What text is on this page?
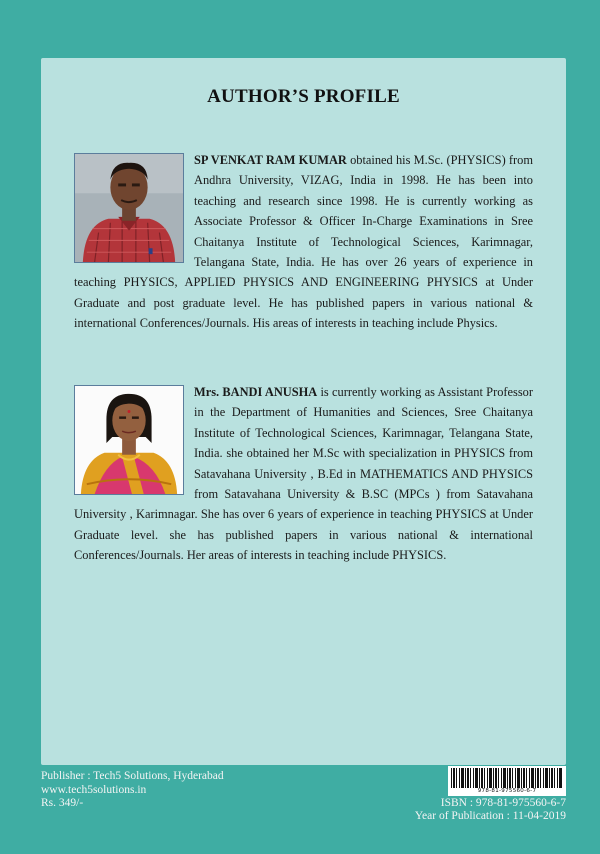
AUTHOR’S PROFILE
SP VENKAT RAM KUMAR obtained his M.Sc. (PHYSICS) from Andhra University, VIZAG, India in 1998. He has been into teaching and research since 1998. He is currently working as Associate Professor & Officer In-Charge Examinations in Sree Chaitanya Institute of Technological Sciences, Karimnagar, Telangana State, India. He has over 26 years of experience in teaching PHYSICS, APPLIED PHYSICS AND ENGINEERING PHYSICS at Under Graduate and post graduate level. He has published papers in various national & international Conferences/Journals. His areas of interests in teaching include Physics.
Mrs. BANDI ANUSHA is currently working as Assistant Professor in the Department of Humanities and Sciences, Sree Chaitanya Institute of Technological Sciences, Karimnagar, Telangana State, India. she obtained her M.Sc with specialization in PHYSICS from Satavahana University , B.Ed in MATHEMATICS AND PHYSICS from Satavahana University & B.SC (MPCs ) from Satavahana University , Karimnagar. She has over 6 years of experience in teaching PHYSICS at Under Graduate level. she has published papers in various national & international Conferences/Journals. Her areas of interests in teaching include PHYSICS.
Publisher : Tech5 Solutions, Hyderabad
www.tech5solutions.in
Rs. 349/-
978-81-975560-6-7
ISBN : 978-81-975560-6-7
Year of Publication : 11-04-2019
